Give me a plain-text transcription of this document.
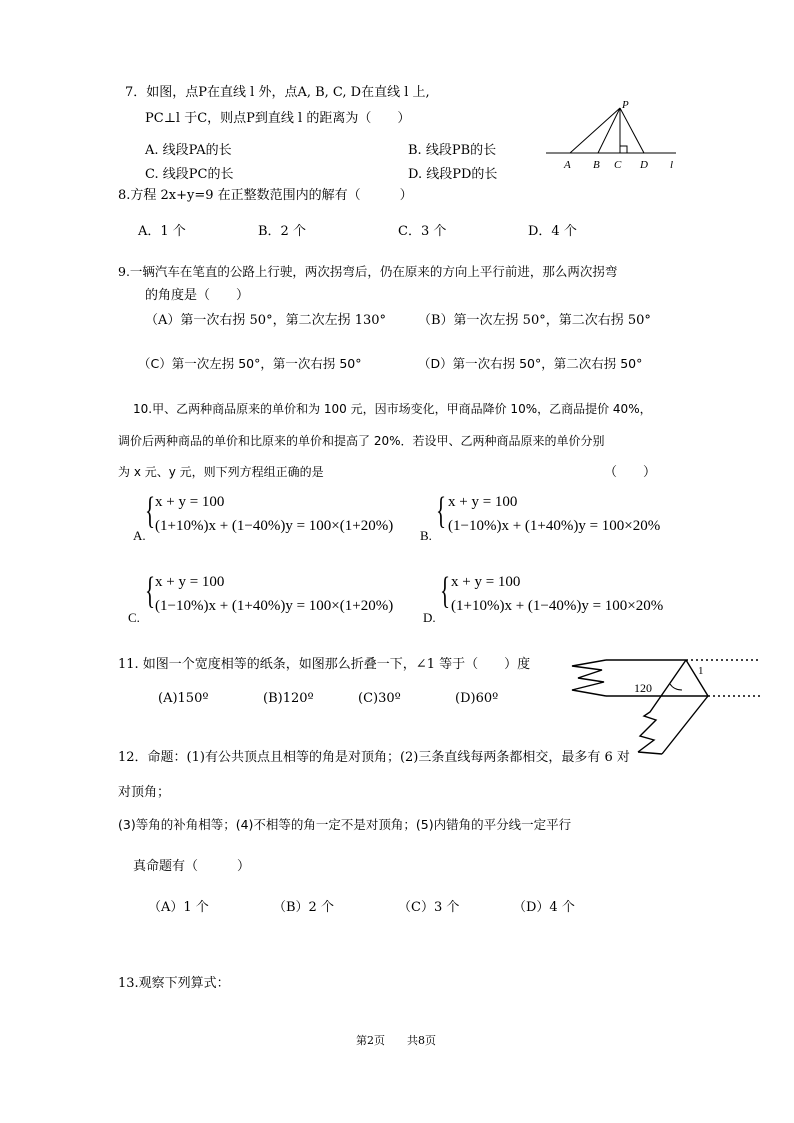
7．如图，点P在直线 l 外，点A, B, C, D在直线 l 上,
PC⊥l 于C，则点P到直线 l 的距离为（　　）
A. 线段PA的长	B. 线段PB的长
C. 线段PC的长	D. 线段PD的长
P
A B C D l
8.方程 2x+y=9 在正整数范围内的解有（　　　）
A．1 个	B．2 个	C．3 个	D．4 个
9.一辆汽车在笔直的公路上行驶，两次拐弯后，仍在原来的方向上平行前进，那么两次拐弯
的角度是（　　）
（A）第一次右拐 50°，第二次左拐 130° （B）第一次左拐 50°，第二次右拐 50°
（C）第一次左拐 50°，第一次右拐 50°	（D）第一次右拐 50°，第二次右拐 50°
10.甲、乙两种商品原来的单价和为 100 元，因市场变化，甲商品降价 10%，乙商品提价 40%，
调价后两种商品的单价和比原来的单价和提高了 20%．若设甲、乙两种商品原来的单价分别
为 x 元、y 元，则下列方程组正确的是	（　　）
A.
{ x + y = 100
(1+10%)x + (1−40%)y = 100×(1+20%)
B.
{ x + y = 100
(1−10%)x + (1+40%)y = 100×20%
C.
{ x + y = 100
(1−10%)x + (1+40%)y = 100×(1+20%)
D.
{ x + y = 100
(1+10%)x + (1−40%)y = 100×20%
11. 如图一个宽度相等的纸条，如图那么折叠一下，∠1 等于（　　）度
(A)150º	(B)120º	(C)30º	(D)60º
120
1
12．命题：(1)有公共顶点且相等的角是对顶角；(2)三条直线每两条都相交，最多有 6 对
对顶角；
(3)等角的补角相等；(4)不相等的角一定不是对顶角；(5)内错角的平分线一定平行
真命题有（　　　）
（A）1 个	（B）2 个	（C）3 个	（D）4 个
13.观察下列算式：
第2页　　共8页
